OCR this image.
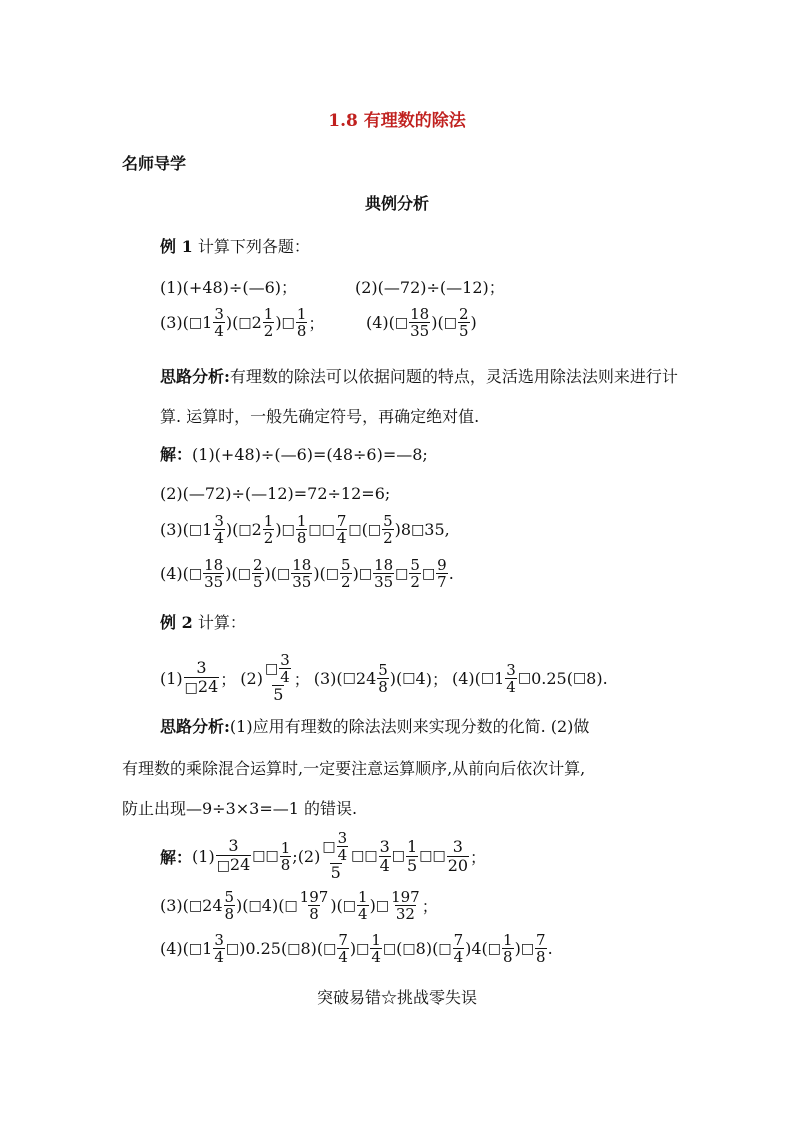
1.8 有理数的除法
名师导学
典例分析
例 1 计算下列各题：
(1)(+48)÷(—6)；	(2)(—72)÷(—12)；
(3)( □ $1 \frac{3}{4}$ )( □ $2 \frac{1}{2}$ ) □ $\frac{1}{8}$ ；	(4)( □ $\frac{18}{35}$ )( □ $\frac{2}{5}$ )
思路分析:有理数的除法可以依据问题的特点，灵活选用除法法则来进行计算. 运算时，一般先确定符号，再确定绝对值.
解：(1)(+48)÷(—6)=(48÷6)=—8;
(2)(—72)÷(—12)=72÷12=6;
(3)( □ $1 \frac{3}{4}$ )( □ $2 \frac{1}{2}$ ) □ $\frac{1}{8}$ □ □ $\frac{7}{4}$ □ ( □ $\frac{5}{2} )8$ □ 35 ,
(4)( □ $\frac{18}{35}$ )( □ $\frac{2}{5}$ )( □ $\frac{18}{35}$ )( □ $\frac{5}{2}$ ) □ $\frac{18}{35}$ □ $\frac{5}{2}$ □ $\frac{9}{7}$ .
例 2 计算：
$(1) \frac{3}{□24}$ ； $(2) \frac{□ \frac{3}{4}}{5}$ ； (3)( □ $24 \frac{5}{8}$ )( □ 4 )； (4)( □ $1 \frac{3}{4}$ □ 0.25( □ 8 ).
思路分析:(1)应用有理数的除法法则来实现分数的化简. (2)做
有理数的乘除混合运算时,一定要注意运算顺序,从前向后依次计算,
防止出现—9÷3×3=—1 的错误.
解： $(1) \frac{3}{□24}$ □ □ $\frac{1}{8}$ ; $(2) \frac{□ \frac{3}{4}}{5}$ □ □ $\frac{3}{4}$ □ $\frac{1}{5}$ □ □ $\frac{3}{20}$ ；
(3)( □ $24 \frac{5}{8}$ )( □ 4 )( □ $\frac{197}{8}$ )( □ $\frac{1}{4}$ ) □ $\frac{197}{32}$ ；
(4)( □ $1 \frac{3}{4}$ □ )0.25( □ 8 )( □ $\frac{7}{4}$ ) □ $\frac{1}{4}$ □ ( □ 8 )( □ $\frac{7}{4} )4$( □ $\frac{1}{8}$ ) □ $\frac{7}{8}$ .
突破易错☆挑战零失误
